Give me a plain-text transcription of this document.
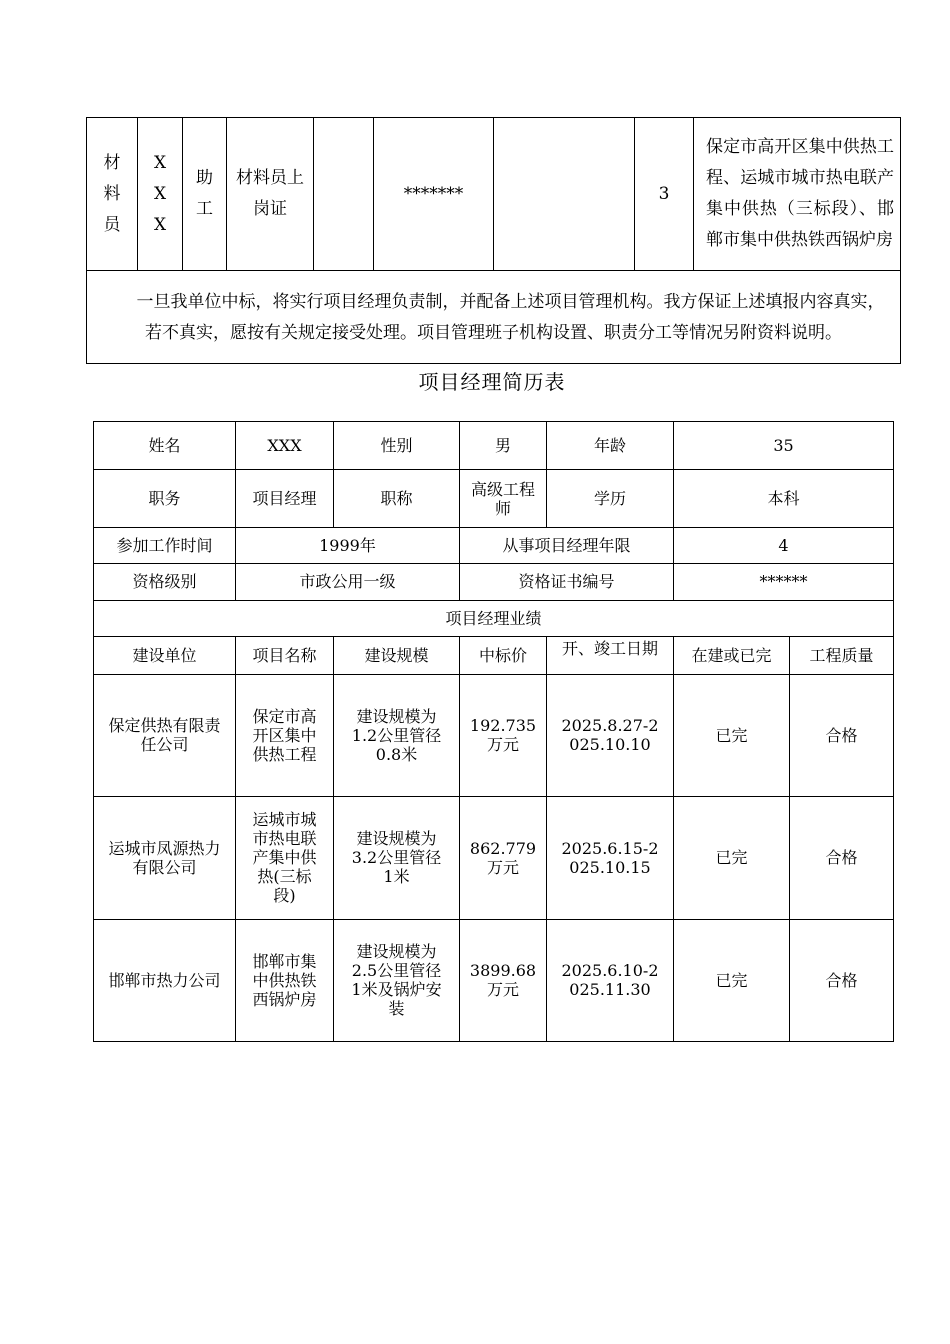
材料员	XXX	助工	材料员上岗证		*******		3	保定市高开区集中供热工程、运城市城市热电联产集中供热（三标段）、邯郸市集中供热铁西锅炉房
一旦我单位中标，将实行项目经理负责制，并配备上述项目管理机构。我方保证上述填报内容真实，若不真实，愿按有关规定接受处理。项目管理班子机构设置、职责分工等情况另附资料说明。
项目经理简历表
姓名	XXX	性别	男	年龄	35	
职务	项目经理	职称	高级工程师	学历	本科	
参加工作时间	1999年		从事项目经理年限		4	
资格级别	市政公用一级		资格证书编号		******	
项目经理业绩						
建设单位	项目名称	建设规模	中标价	开、竣工日期	在建或已完	工程质量
保定供热有限责任公司	保定市高开区集中供热工程	建设规模为1.2公里管径0.8米	192.735万元	2025.8.27-2025.10.10	已完	合格
运城市凤源热力有限公司	运城市城市热电联产集中供热(三标段)	建设规模为3.2公里管径1米	862.779万元	2025.6.15-2025.10.15	已完	合格
邯郸市热力公司	邯郸市集中供热铁西锅炉房	建设规模为2.5公里管径1米及锅炉安装	3899.68万元	2025.6.10-2025.11.30	已完	合格
